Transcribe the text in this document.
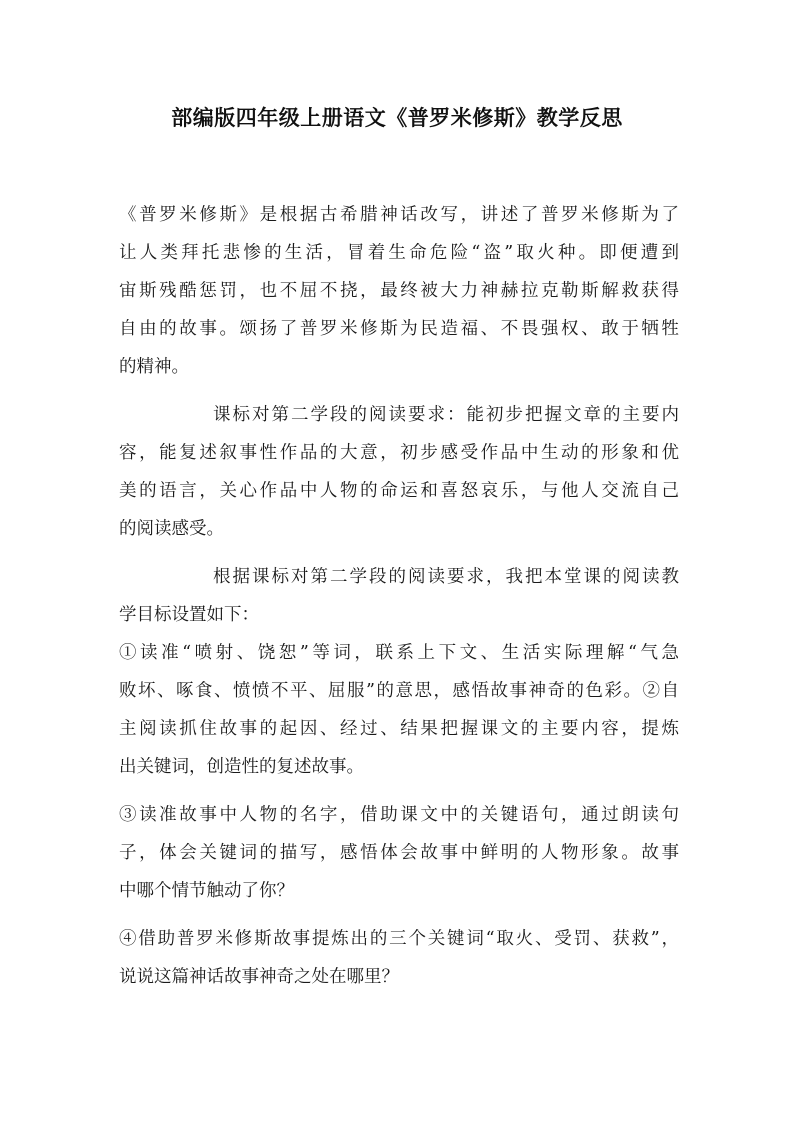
部编版四年级上册语文《普罗米修斯》教学反思
《普罗米修斯》是根据古希腊神话改写，讲述了普罗米修斯为了
让人类拜托悲惨的生活，冒着生命危险“盗”取火种。即便遭到
宙斯残酷惩罚，也不屈不挠，最终被大力神赫拉克勒斯解救获得
自由的故事。颂扬了普罗米修斯为民造福、不畏强权、敢于牺牲
的精神。
课标对第二学段的阅读要求：能初步把握文章的主要内
容，能复述叙事性作品的大意，初步感受作品中生动的形象和优
美的语言，关心作品中人物的命运和喜怒哀乐，与他人交流自己
的阅读感受。
根据课标对第二学段的阅读要求，我把本堂课的阅读教
学目标设置如下：
①读准“喷射、饶恕”等词，联系上下文、生活实际理解“气急
败坏、啄食、愤愤不平、屈服”的意思，感悟故事神奇的色彩。②自
主阅读抓住故事的起因、经过、结果把握课文的主要内容，提炼
出关键词，创造性的复述故事。
③读准故事中人物的名字，借助课文中的关键语句，通过朗读句
子，体会关键词的描写，感悟体会故事中鲜明的人物形象。故事
中哪个情节触动了你？
④借助普罗米修斯故事提炼出的三个关键词“取火、受罚、获救”，
说说这篇神话故事神奇之处在哪里？
